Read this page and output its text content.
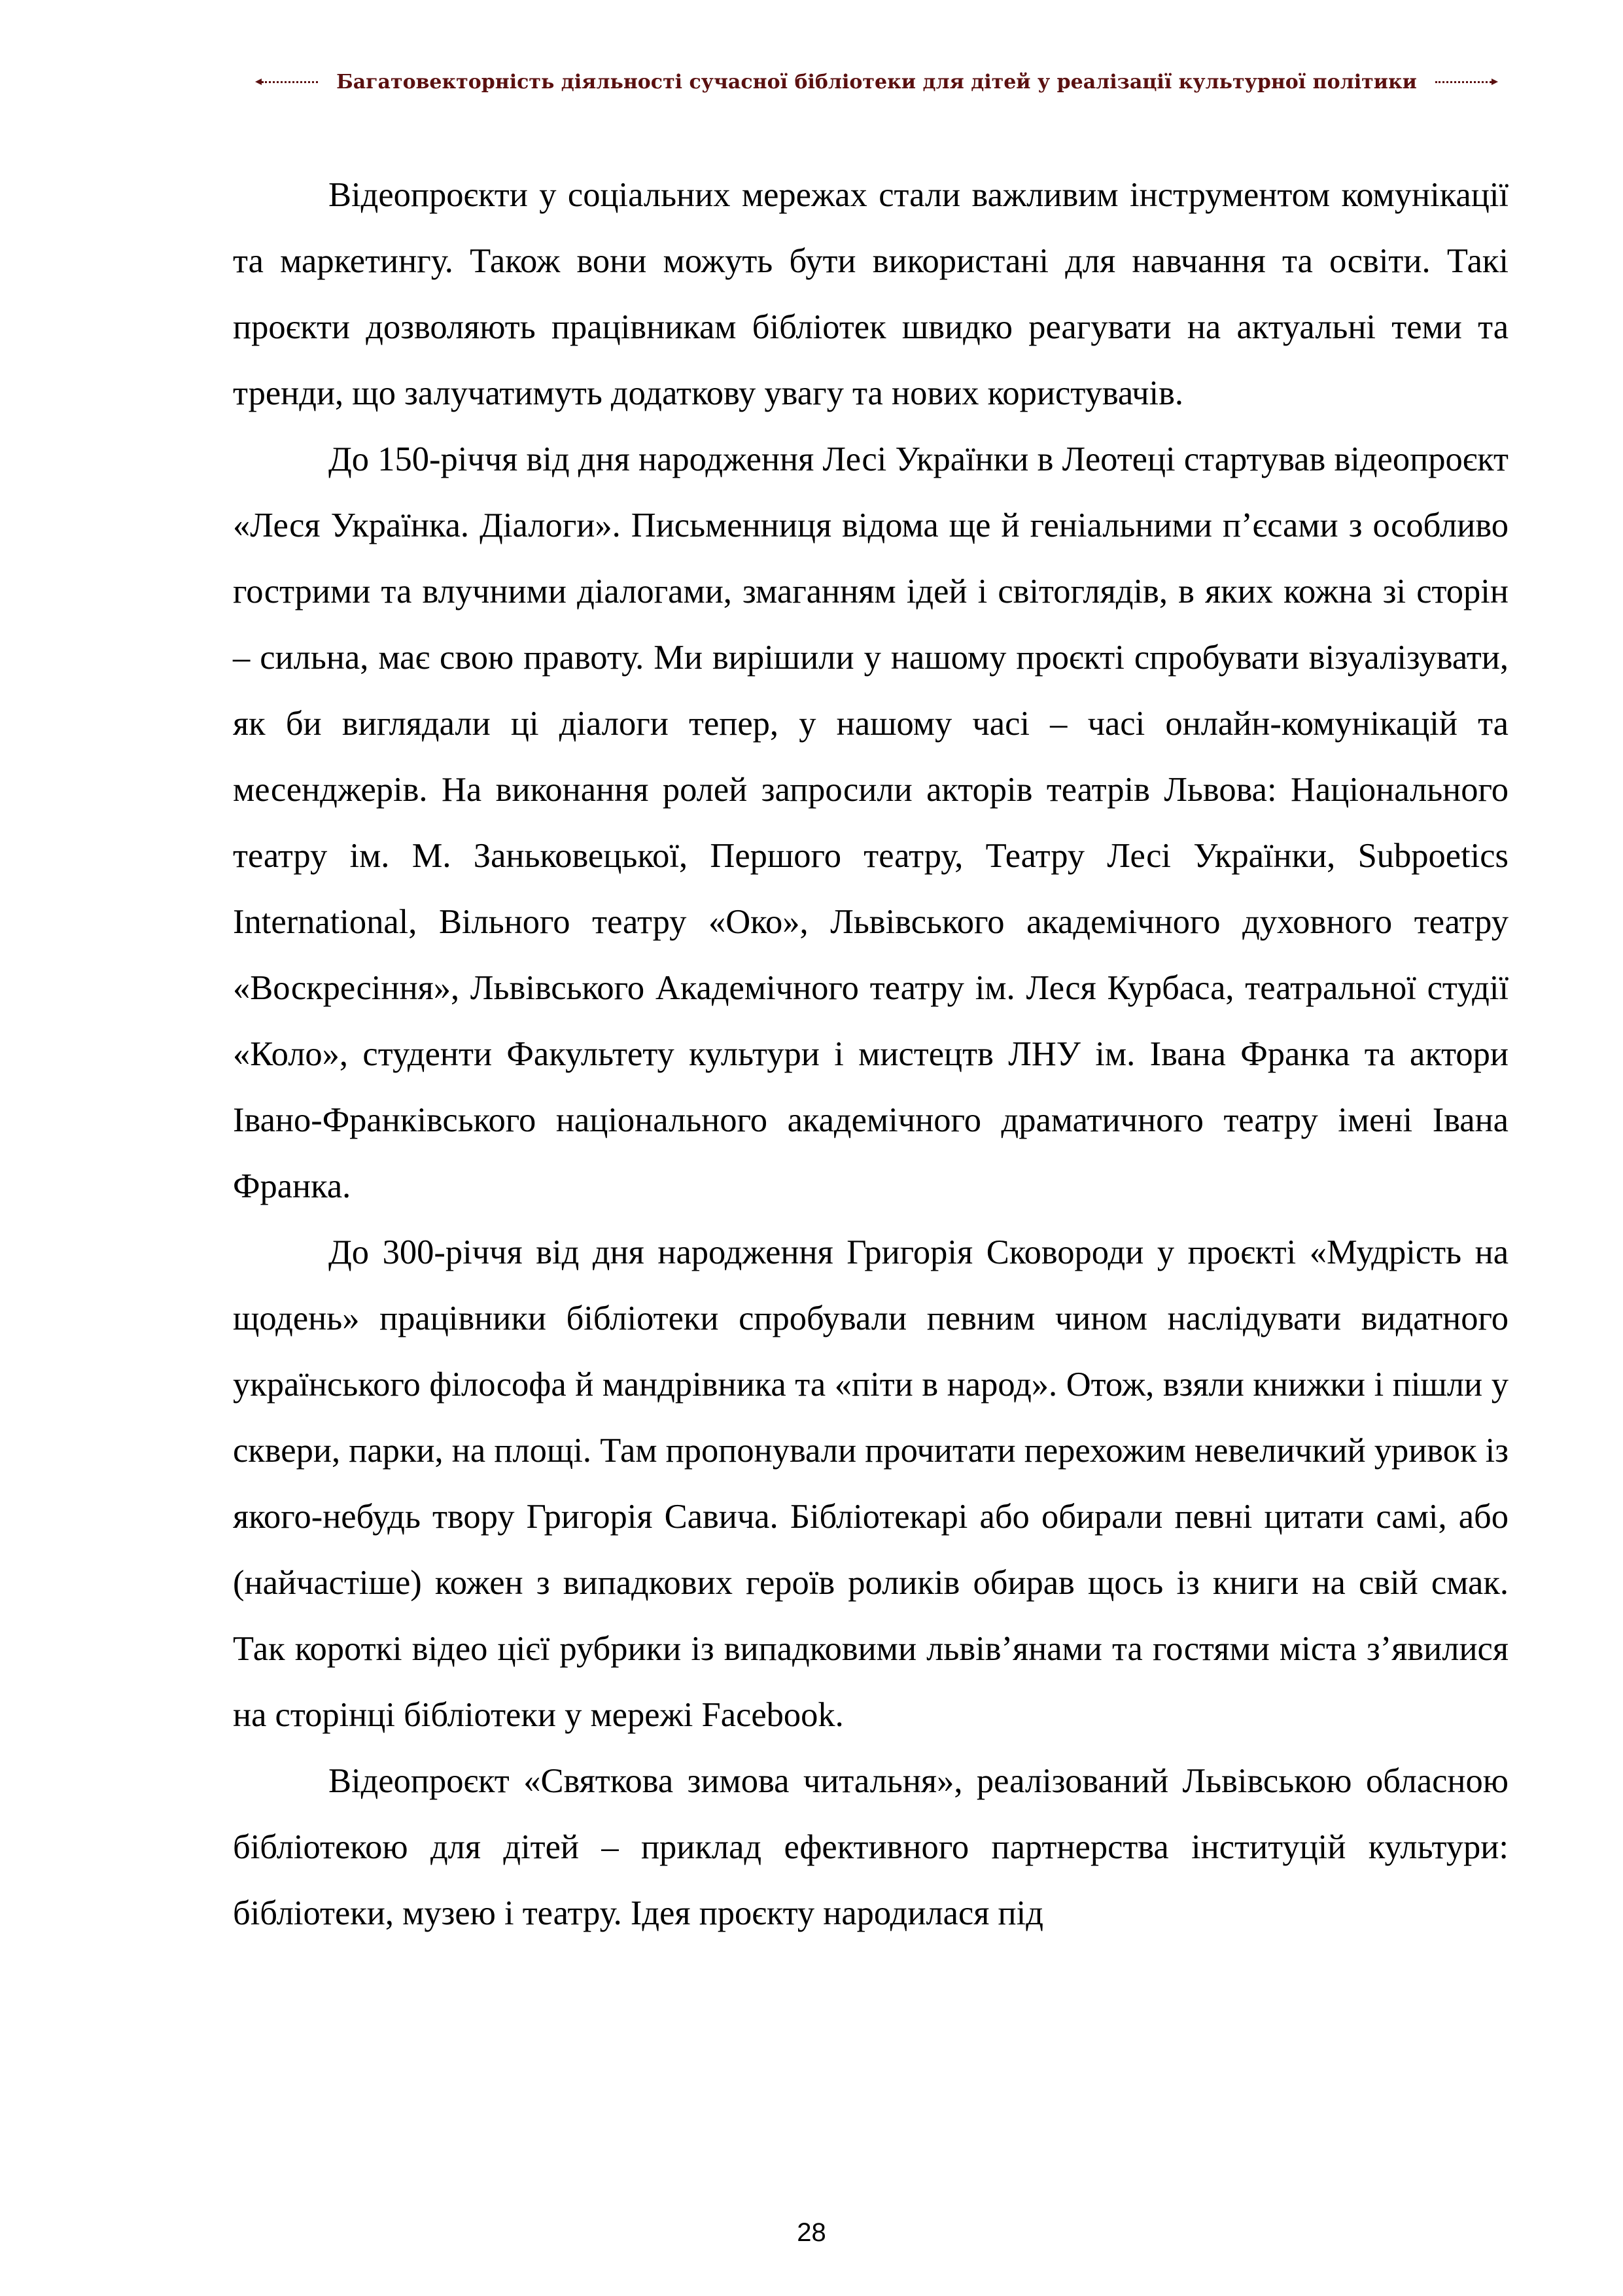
Багатовекторність діяльності сучасної бібліотеки для дітей у реалізації культурної політики

Відеопроєкти у соціальних мережах стали важливим інструментом комунікації та маркетингу. Також вони можуть бути використані для навчання та освіти. Такі проєкти дозволяють працівникам бібліотек швидко реагувати на актуальні теми та тренди, що залучатимуть додаткову увагу та нових користувачів.

До 150-річчя від дня народження Лесі Українки в Леотеці стартував відеопроєкт «Леся Українка. Діалоги». Письменниця відома ще й геніальними п’єсами з особливо гострими та влучними діалогами, змаганням ідей і світоглядів, в яких кожна зі сторін – сильна, має свою правоту. Ми вирішили у нашому проєкті спробувати візуалізувати, як би виглядали ці діалоги тепер, у нашому часі – часі онлайн-комунікацій та месенджерів. На виконання ролей запросили акторів театрів Львова: Національного театру ім. М. Заньковецької, Першого театру, Театру Лесі Українки, Subpoetics International, Вільного театру «Око», Львівського академічного духовного театру «Воскресіння», Львівського Академічного театру ім. Леся Курбаса, театральної студії «Коло», студенти Факультету культури і мистецтв ЛНУ ім. Івана Франка та актори Івано-Франківського національного академічного драматичного театру імені Івана Франка.

До 300-річчя від дня народження Григорія Сковороди у проєкті «Мудрість на щодень» працівники бібліотеки спробували певним чином наслідувати видатного українського філософа й мандрівника та «піти в народ». Отож, взяли книжки і пішли у сквери, парки, на площі. Там пропонували прочитати перехожим невеличкий уривок із якого-небудь твору Григорія Савича. Бібліотекарі або обирали певні цитати самі, або (найчастіше) кожен з випадкових героїв роликів обирав щось із книги на свій смак. Так короткі відео цієї рубрики із випадковими львів’янами та гостями міста з’явилися на сторінці бібліотеки у мережі Facebook.

Відеопроєкт «Святкова зимова читальня», реалізований Львівською обласною бібліотекою для дітей – приклад ефективного партнерства інституцій культури: бібліотеки, музею і театру. Ідея проєкту народилася під

28
